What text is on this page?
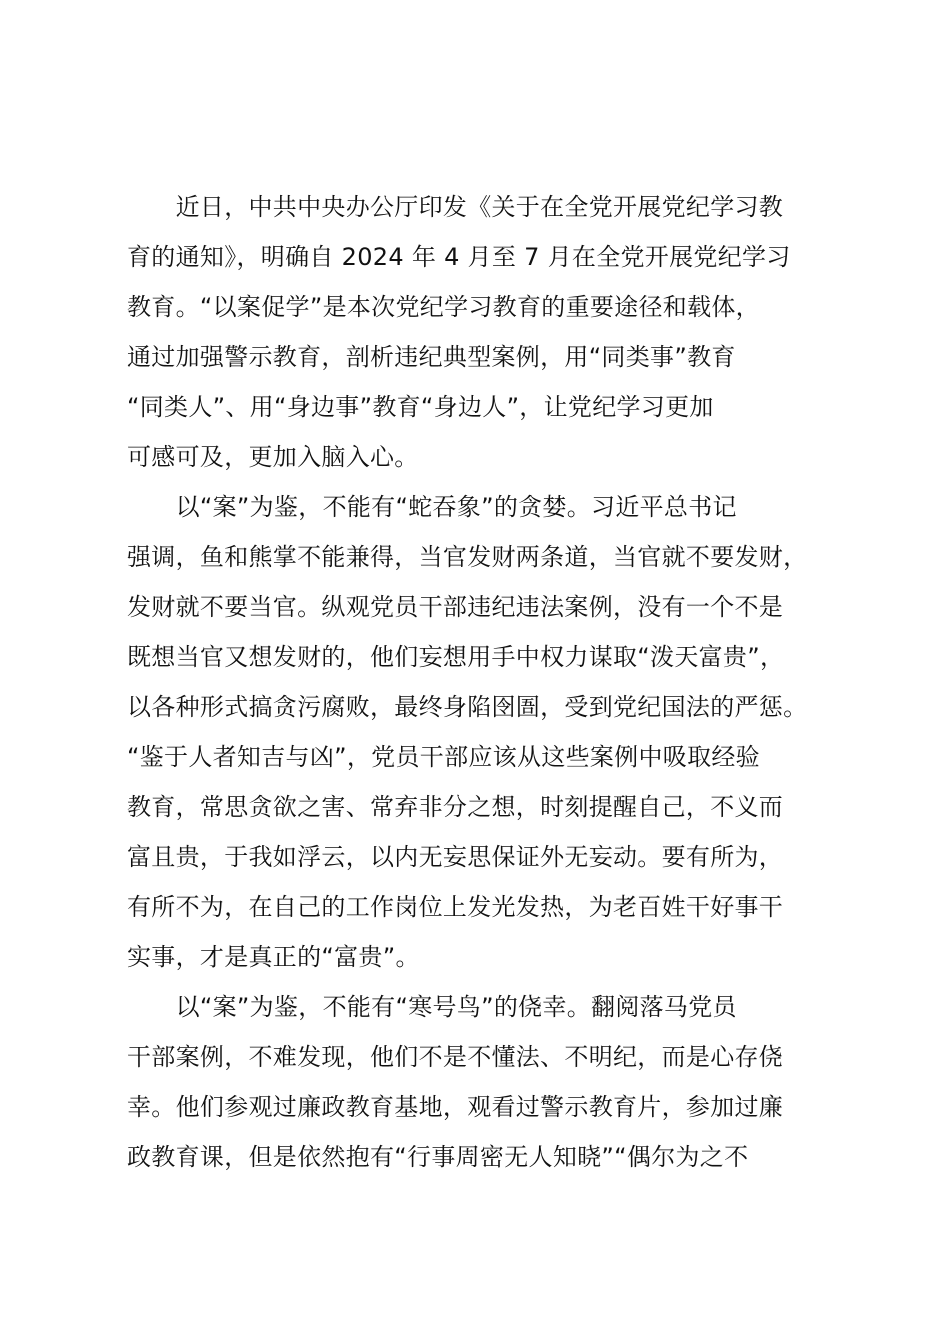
　　近日，中共中央办公厅印发《关于在全党开展党纪学习教
育的通知》，明确自 2024 年 4 月至 7 月在全党开展党纪学习
教育。“以案促学”是本次党纪学习教育的重要途径和载体，
通过加强警示教育，剖析违纪典型案例，用“同类事”教育
“同类人”、用“身边事”教育“身边人”，让党纪学习更加
可感可及，更加入脑入心。
　　以“案”为鉴，不能有“蛇吞象”的贪婪。习近平总书记
强调，鱼和熊掌不能兼得，当官发财两条道，当官就不要发财，
发财就不要当官。纵观党员干部违纪违法案例，没有一个不是
既想当官又想发财的，他们妄想用手中权力谋取“泼天富贵”，
以各种形式搞贪污腐败，最终身陷囹圄，受到党纪国法的严惩。
“鉴于人者知吉与凶”，党员干部应该从这些案例中吸取经验
教育，常思贪欲之害、常弃非分之想，时刻提醒自己，不义而
富且贵，于我如浮云，以内无妄思保证外无妄动。要有所为，
有所不为，在自己的工作岗位上发光发热，为老百姓干好事干
实事，才是真正的“富贵”。
　　以“案”为鉴，不能有“寒号鸟”的侥幸。翻阅落马党员
干部案例，不难发现，他们不是不懂法、不明纪，而是心存侥
幸。他们参观过廉政教育基地，观看过警示教育片，参加过廉
政教育课，但是依然抱有“行事周密无人知晓”“偶尔为之不
